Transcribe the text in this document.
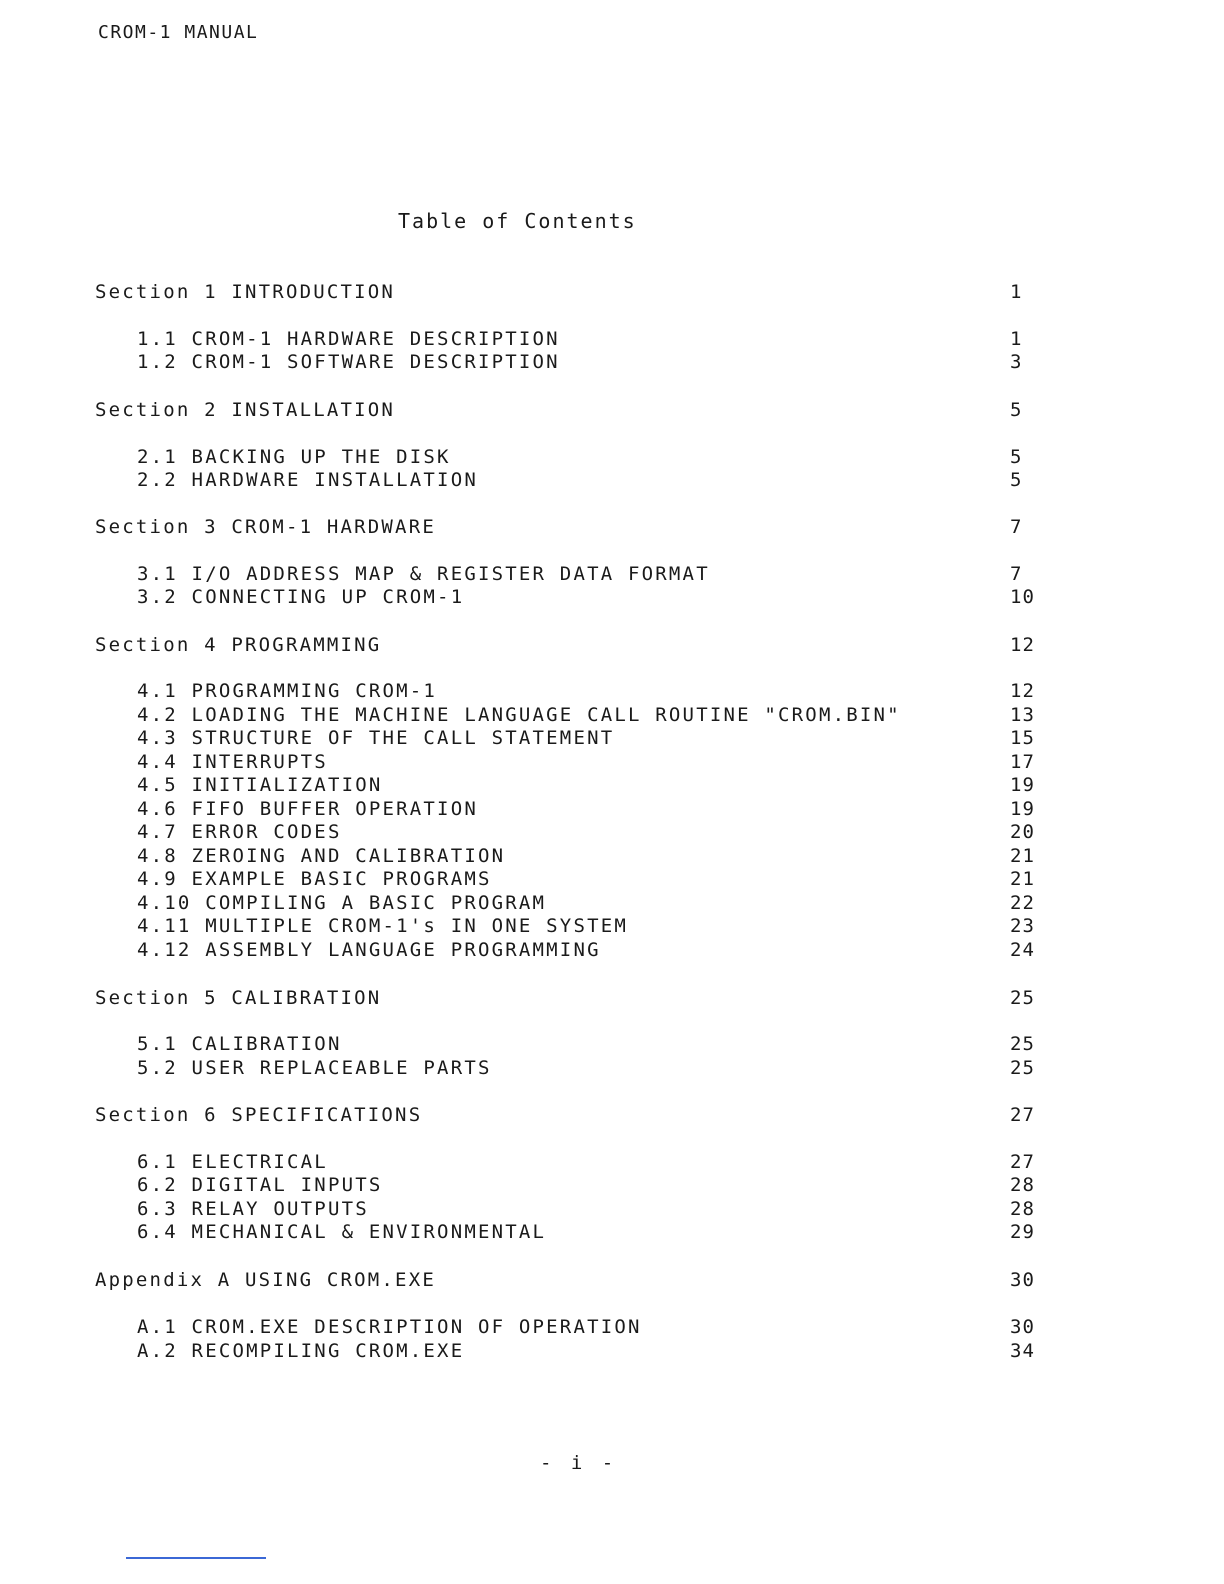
CROM-1 MANUAL
Table of Contents
Section 1 INTRODUCTION	1
1.1 CROM-1 HARDWARE DESCRIPTION	1
1.2 CROM-1 SOFTWARE DESCRIPTION	3
Section 2 INSTALLATION	5
2.1 BACKING UP THE DISK	5
2.2 HARDWARE INSTALLATION	5
Section 3 CROM-1 HARDWARE	7
3.1 I/O ADDRESS MAP & REGISTER DATA FORMAT	7
3.2 CONNECTING UP CROM-1	10
Section 4 PROGRAMMING	12
4.1 PROGRAMMING CROM-1	12
4.2 LOADING THE MACHINE LANGUAGE CALL ROUTINE "CROM.BIN"	13
4.3 STRUCTURE OF THE CALL STATEMENT	15
4.4 INTERRUPTS	17
4.5 INITIALIZATION	19
4.6 FIFO BUFFER OPERATION	19
4.7 ERROR CODES	20
4.8 ZEROING AND CALIBRATION	21
4.9 EXAMPLE BASIC PROGRAMS	21
4.10 COMPILING A BASIC PROGRAM	22
4.11 MULTIPLE CROM-1's IN ONE SYSTEM	23
4.12 ASSEMBLY LANGUAGE PROGRAMMING	24
Section 5 CALIBRATION	25
5.1 CALIBRATION	25
5.2 USER REPLACEABLE PARTS	25
Section 6 SPECIFICATIONS	27
6.1 ELECTRICAL	27
6.2 DIGITAL INPUTS	28
6.3 RELAY OUTPUTS	28
6.4 MECHANICAL & ENVIRONMENTAL	29
Appendix A USING CROM.EXE	30
A.1 CROM.EXE DESCRIPTION OF OPERATION	30
A.2 RECOMPILING CROM.EXE	34
- i -
